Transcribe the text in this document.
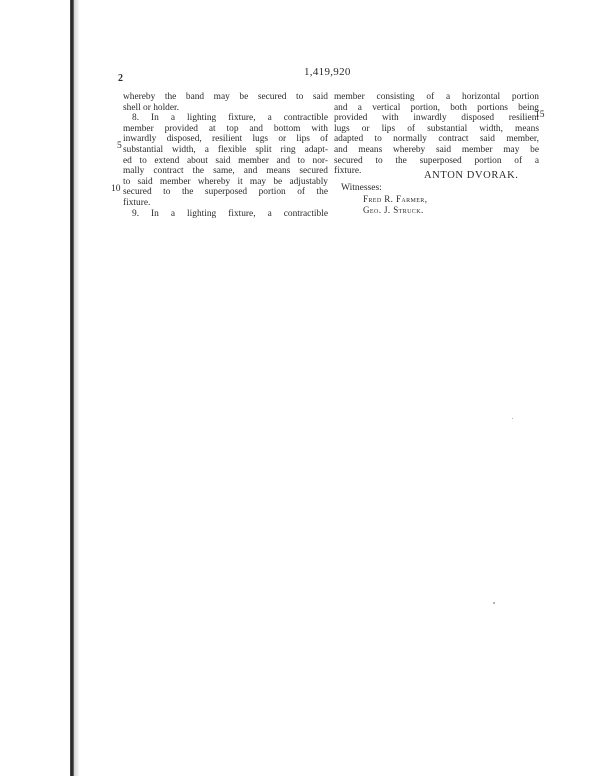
2
1,419,920
whereby the band may be secured to said
shell or holder.
8. In a lighting fixture, a contractible
member provided at top and bottom with
inwardly disposed, resilient lugs or lips of
substantial width, a flexible split ring adapt-
ed to extend about said member and to nor-
mally contract the same, and means secured
to said member whereby it may be adjustably
secured to the superposed portion of the
fixture.
9. In a lighting fixture, a contractible
member consisting of a horizontal portion
and a vertical portion, both portions being
provided with inwardly disposed resilient
lugs or lips of substantial width, means
adapted to normally contract said member,
and means whereby said member may be
secured to the superposed portion of a
fixture.
5
10
15
ANTON DVORAK.
Witnesses:
Fred R. Farmer,
Geo. J. Struck.
